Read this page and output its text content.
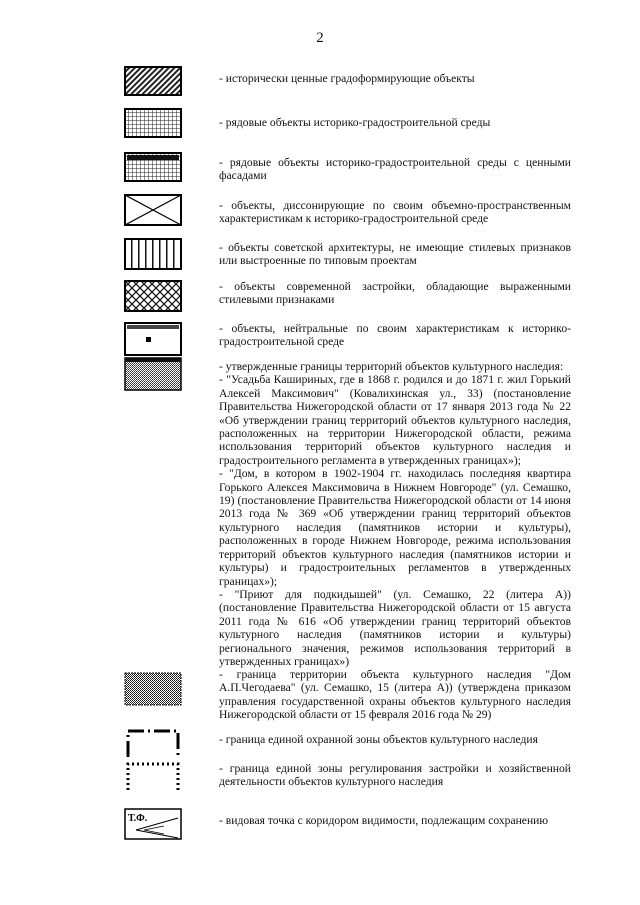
2
- исторически ценные градоформирующие объекты
- рядовые объекты историко-градостроительной среды
- рядовые объекты историко-градостроительной среды с ценными фасадами
- объекты, диссонирующие по своим объемно-пространственным характеристикам к историко-градостроительной среде
- объекты советской архитектуры, не имеющие стилевых признаков или выстроенные по типовым проектам
- объекты современной застройки, обладающие выраженными стилевыми признаками
- объекты, нейтральные по своим характеристикам к историко-градостроительной среде

- утвержденные границы территорий объектов культурного наследия:

- "Усадьба Кашириных, где в 1868 г. родился и до 1871 г. жил Горький Алексей Максимович" (Ковалихинская ул., 33) (постановление Правительства Нижегородской области от 17 января 2013 года № 22 «Об утверждении границ территорий объектов культурного наследия, расположенных на территории Нижегородской области, режима использования территорий объектов культурного наследия и градостроительного регламента в утвержденных границах»);

- "Дом, в котором в 1902-1904 гг. находилась последняя квартира Горького Алексея Максимовича в Нижнем Новгороде" (ул. Семашко, 19) (постановление Правительства Нижегородской области от 14 июня 2013 года № 369 «Об утверждении границ территорий объектов культурного наследия (памятников истории и культуры), расположенных в городе Нижнем Новгороде, режима использования территорий объектов культурного наследия (памятников истории и культуры) и градостроительных регламентов в утвержденных границах»);

- "Приют для подкидышей" (ул. Семашко, 22 (литера А)) (постановление Правительства Нижегородской области от 15 августа 2011 года № 616 «Об утверждении границ территорий объектов культурного наследия (памятников истории и культуры) регионального значения, режимов использования территорий в утвержденных границах»)

- граница территории объекта культурного наследия "Дом А.П.Чегодаева" (ул. Семашко, 15 (литера А)) (утверждена приказом управления государственной охраны объектов культурного наследия Нижегородской области от 15 февраля 2016 года № 29)
- граница единой охранной зоны объектов культурного наследия
- граница единой зоны регулирования застройки и хозяйственной деятельности объектов культурного наследия
Т.Ф.	- видовая точка с коридором видимости, подлежащим сохранению
